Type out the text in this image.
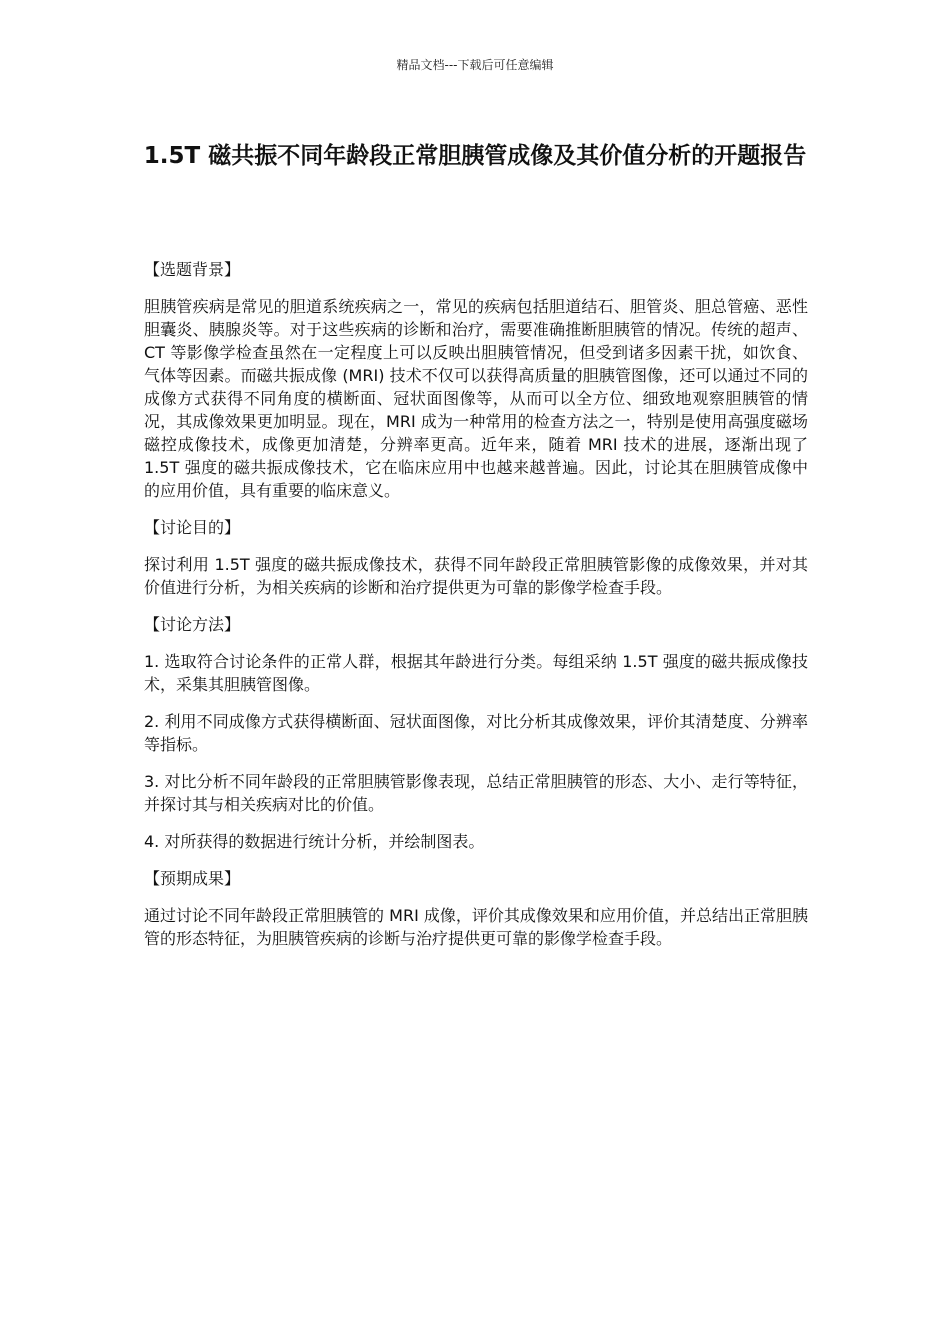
精品文档---下载后可任意编辑
1.5T 磁共振不同年龄段正常胆胰管成像及其价值分析的开题报告

【选题背景】

胆胰管疾病是常见的胆道系统疾病之一，常见的疾病包括胆道结石、胆管炎、胆总管癌、恶性胆囊炎、胰腺炎等。对于这些疾病的诊断和治疗，需要准确推断胆胰管的情况。传统的超声、CT 等影像学检查虽然在一定程度上可以反映出胆胰管情况，但受到诸多因素干扰，如饮食、气体等因素。而磁共振成像 (MRI) 技术不仅可以获得高质量的胆胰管图像，还可以通过不同的成像方式获得不同角度的横断面、冠状面图像等，从而可以全方位、细致地观察胆胰管的情况，其成像效果更加明显。现在，MRI 成为一种常用的检查方法之一，特别是使用高强度磁场磁控成像技术，成像更加清楚，分辨率更高。近年来，随着 MRI 技术的进展，逐渐出现了 1.5T 强度的磁共振成像技术，它在临床应用中也越来越普遍。因此，讨论其在胆胰管成像中的应用价值，具有重要的临床意义。

【讨论目的】

探讨利用 1.5T 强度的磁共振成像技术，获得不同年龄段正常胆胰管影像的成像效果，并对其价值进行分析，为相关疾病的诊断和治疗提供更为可靠的影像学检查手段。

【讨论方法】

1. 选取符合讨论条件的正常人群，根据其年龄进行分类。每组采纳 1.5T 强度的磁共振成像技术，采集其胆胰管图像。

2. 利用不同成像方式获得横断面、冠状面图像，对比分析其成像效果，评价其清楚度、分辨率等指标。

3. 对比分析不同年龄段的正常胆胰管影像表现，总结正常胆胰管的形态、大小、走行等特征，并探讨其与相关疾病对比的价值。

4. 对所获得的数据进行统计分析，并绘制图表。

【预期成果】

通过讨论不同年龄段正常胆胰管的 MRI 成像，评价其成像效果和应用价值，并总结出正常胆胰管的形态特征，为胆胰管疾病的诊断与治疗提供更可靠的影像学检查手段。
